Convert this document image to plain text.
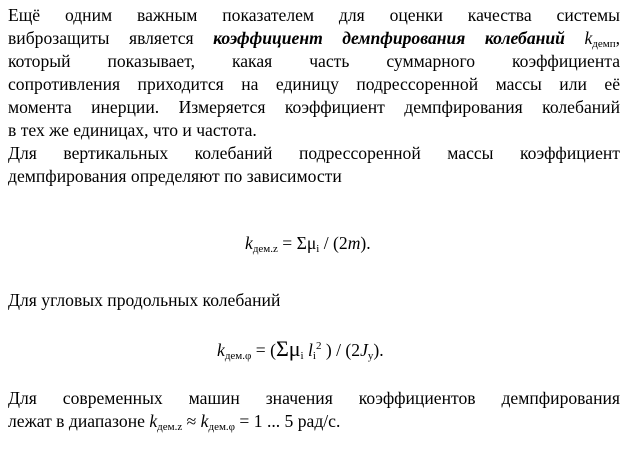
Ещё одним важным показателем для оценки качества системы

виброзащиты является коэффициент демпфирования колебаний $k_{демп}$,

который показывает, какая часть суммарного коэффициента

сопротивления приходится на единицу подрессоренной массы или её

момента инерции. Измеряется коэффициент демпфирования колебаний

в тех же единицах, что и частота.

Для вертикальных колебаний подрессоренной массы коэффициент

демпфирования определяют по зависимости

$k_{дем.z} = \Sigma\mu_i / (2m)$.

Для угловых продольных колебаний

$k_{дем.\varphi} = (\Sigma\mu_i$ $l_i^2$ ) / $(2J_y)$.

Для современных машин значения коэффициентов демпфирования

лежат в диапазоне $k_{дем.z} \approx k_{дем.\varphi} = 1$ ... 5 рад/с.
